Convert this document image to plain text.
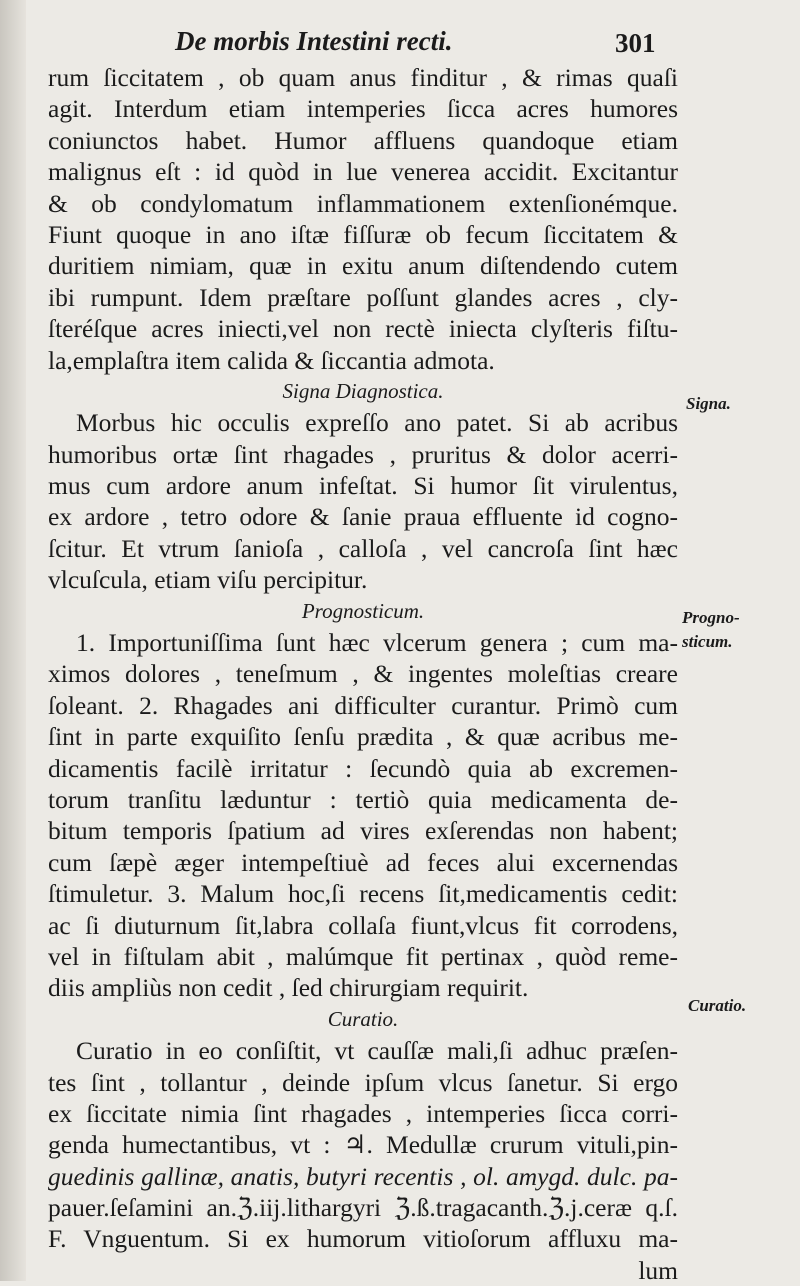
De morbis Intestini recti.	301
rum ſiccitatem , ob quam anus finditur , & rimas quaſi
agit. Interdum etiam intemperies ſicca acres humores
coniunctos habet. Humor affluens quandoque etiam
malignus eſt : id quòd in lue venerea accidit. Excitantur
& ob condylomatum inflammationem extenſionémque.
Fiunt quoque in ano iſtæ fiſſuræ ob fecum ſiccitatem &
duritiem nimiam, quæ in exitu anum diſtendendo cutem
ibi rumpunt. Idem præſtare poſſunt glandes acres , cly-
ſteréſque acres iniecti,vel non rectè iniecta clyſteris fiſtu-
la,emplaſtra item calida & ſiccantia admota.
Signa Diagnostica.
Morbus hic occulis expreſſo ano patet. Si ab acribus
humoribus ortæ ſint rhagades , pruritus & dolor acerri-
mus cum ardore anum infeſtat. Si humor ſit virulentus,
ex ardore , tetro odore & ſanie praua effluente id cogno-
ſcitur. Et vtrum ſanioſa , calloſa , vel cancroſa ſint hæc
vlcuſcula, etiam viſu percipitur.
Prognosticum.
1. Importuniſſima ſunt hæc vlcerum genera ; cum ma-
ximos dolores , teneſmum , & ingentes moleſtias creare
ſoleant. 2. Rhagades ani difficulter curantur. Primò cum
ſint in parte exquiſito ſenſu prædita , & quæ acribus me-
dicamentis facilè irritatur : ſecundò quia ab excremen-
torum tranſitu læduntur : tertiò quia medicamenta de-
bitum temporis ſpatium ad vires exſerendas non habent;
cum ſæpè æger intempeſtiuè ad feces alui excernendas
ſtimuletur. 3. Malum hoc,ſi recens ſit,medicamentis cedit:
ac ſi diuturnum ſit,labra collaſa fiunt,vlcus fit corrodens,
vel in fiſtulam abit , malúmque fit pertinax , quòd reme-
diis ampliùs non cedit , ſed chirurgiam requirit.
Curatio.
Curatio in eo conſiſtit, vt cauſſæ mali,ſi adhuc præſen-
tes ſint , tollantur , deinde ipſum vlcus ſanetur. Si ergo
ex ſiccitate nimia ſint rhagades , intemperies ſicca corri-
genda humectantibus, vt : ♃. Medullæ crurum vituli,pin-
guedinis gallinæ, anatis, butyri recentis , ol. amygd. dulc. pa-
pauer.ſeſamini an.ℨ.iij.lithargyri ℨ.ß.tragacanth.ℨ.j.ceræ q.ſ.
F. Vnguentum. Si ex humorum vitioſorum affluxu ma-
lum
Signa.
Progno-
sticum.
Curatio.
